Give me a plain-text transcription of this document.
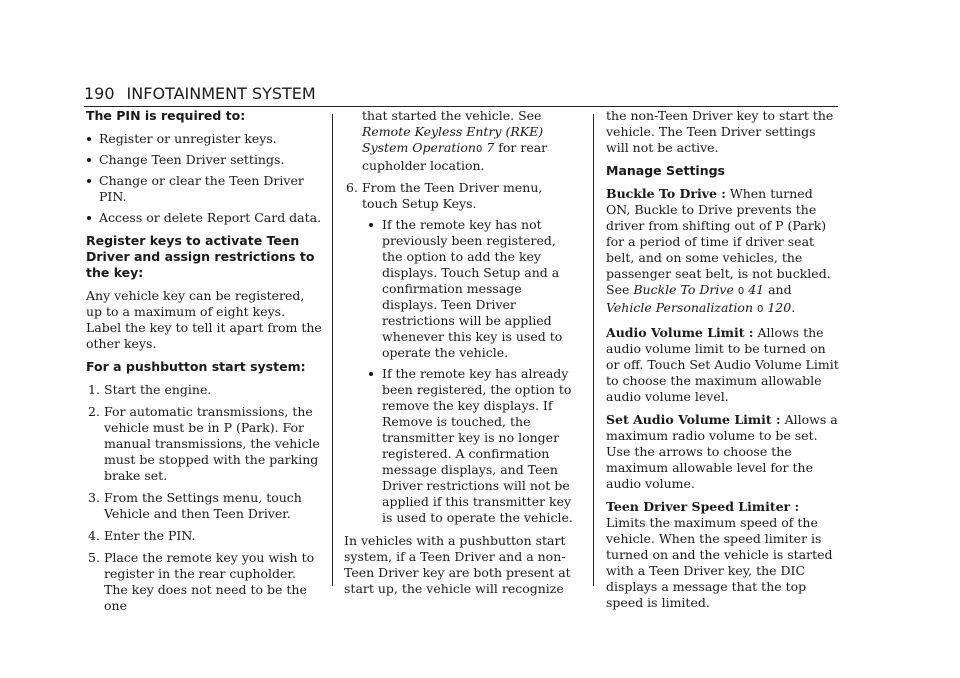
190 INFOTAINMENT SYSTEM
The PIN is required to:
Register or unregister keys.
Change Teen Driver settings.
Change or clear the Teen Driver PIN.
Access or delete Report Card data.
Register keys to activate Teen Driver and assign restrictions to the key:

Any vehicle key can be registered, up to a maximum of eight keys. Label the key to tell it apart from the other keys.

For a pushbutton start system:
1. Start the engine.
2. For automatic transmissions, the vehicle must be in P (Park). For manual transmissions, the vehicle must be stopped with the parking brake set.
3. From the Settings menu, touch Vehicle and then Teen Driver.
4. Enter the PIN.
5. Place the remote key you wish to register in the rear cupholder. The key does not need to be the one
that started the vehicle. See Remote Keyless Entry (RKE) System Operation0 7 for rear cupholder location.
6. From the Teen Driver menu, touch Setup Keys.
If the remote key has not previously been registered, the option to add the key displays. Touch Setup and a confirmation message displays. Teen Driver restrictions will be applied whenever this key is used to operate the vehicle.
If the remote key has already been registered, the option to remove the key displays. If Remove is touched, the transmitter key is no longer registered. A confirmation message displays, and Teen Driver restrictions will not be applied if this transmitter key is used to operate the vehicle.

In vehicles with a pushbutton start system, if a Teen Driver and a non-Teen Driver key are both present at start up, the vehicle will recognize

the non-Teen Driver key to start the vehicle. The Teen Driver settings will not be active.

Manage Settings

Buckle To Drive : When turned ON, Buckle to Drive prevents the driver from shifting out of P (Park) for a period of time if driver seat belt, and on some vehicles, the passenger seat belt, is not buckled. See Buckle To Drive 0 41 and Vehicle Personalization 0 120.

Audio Volume Limit : Allows the audio volume limit to be turned on or off. Touch Set Audio Volume Limit to choose the maximum allowable audio volume level.

Set Audio Volume Limit : Allows a maximum radio volume to be set. Use the arrows to choose the maximum allowable level for the audio volume.

Teen Driver Speed Limiter : Limits the maximum speed of the vehicle. When the speed limiter is turned on and the vehicle is started with a Teen Driver key, the DIC displays a message that the top speed is limited.
